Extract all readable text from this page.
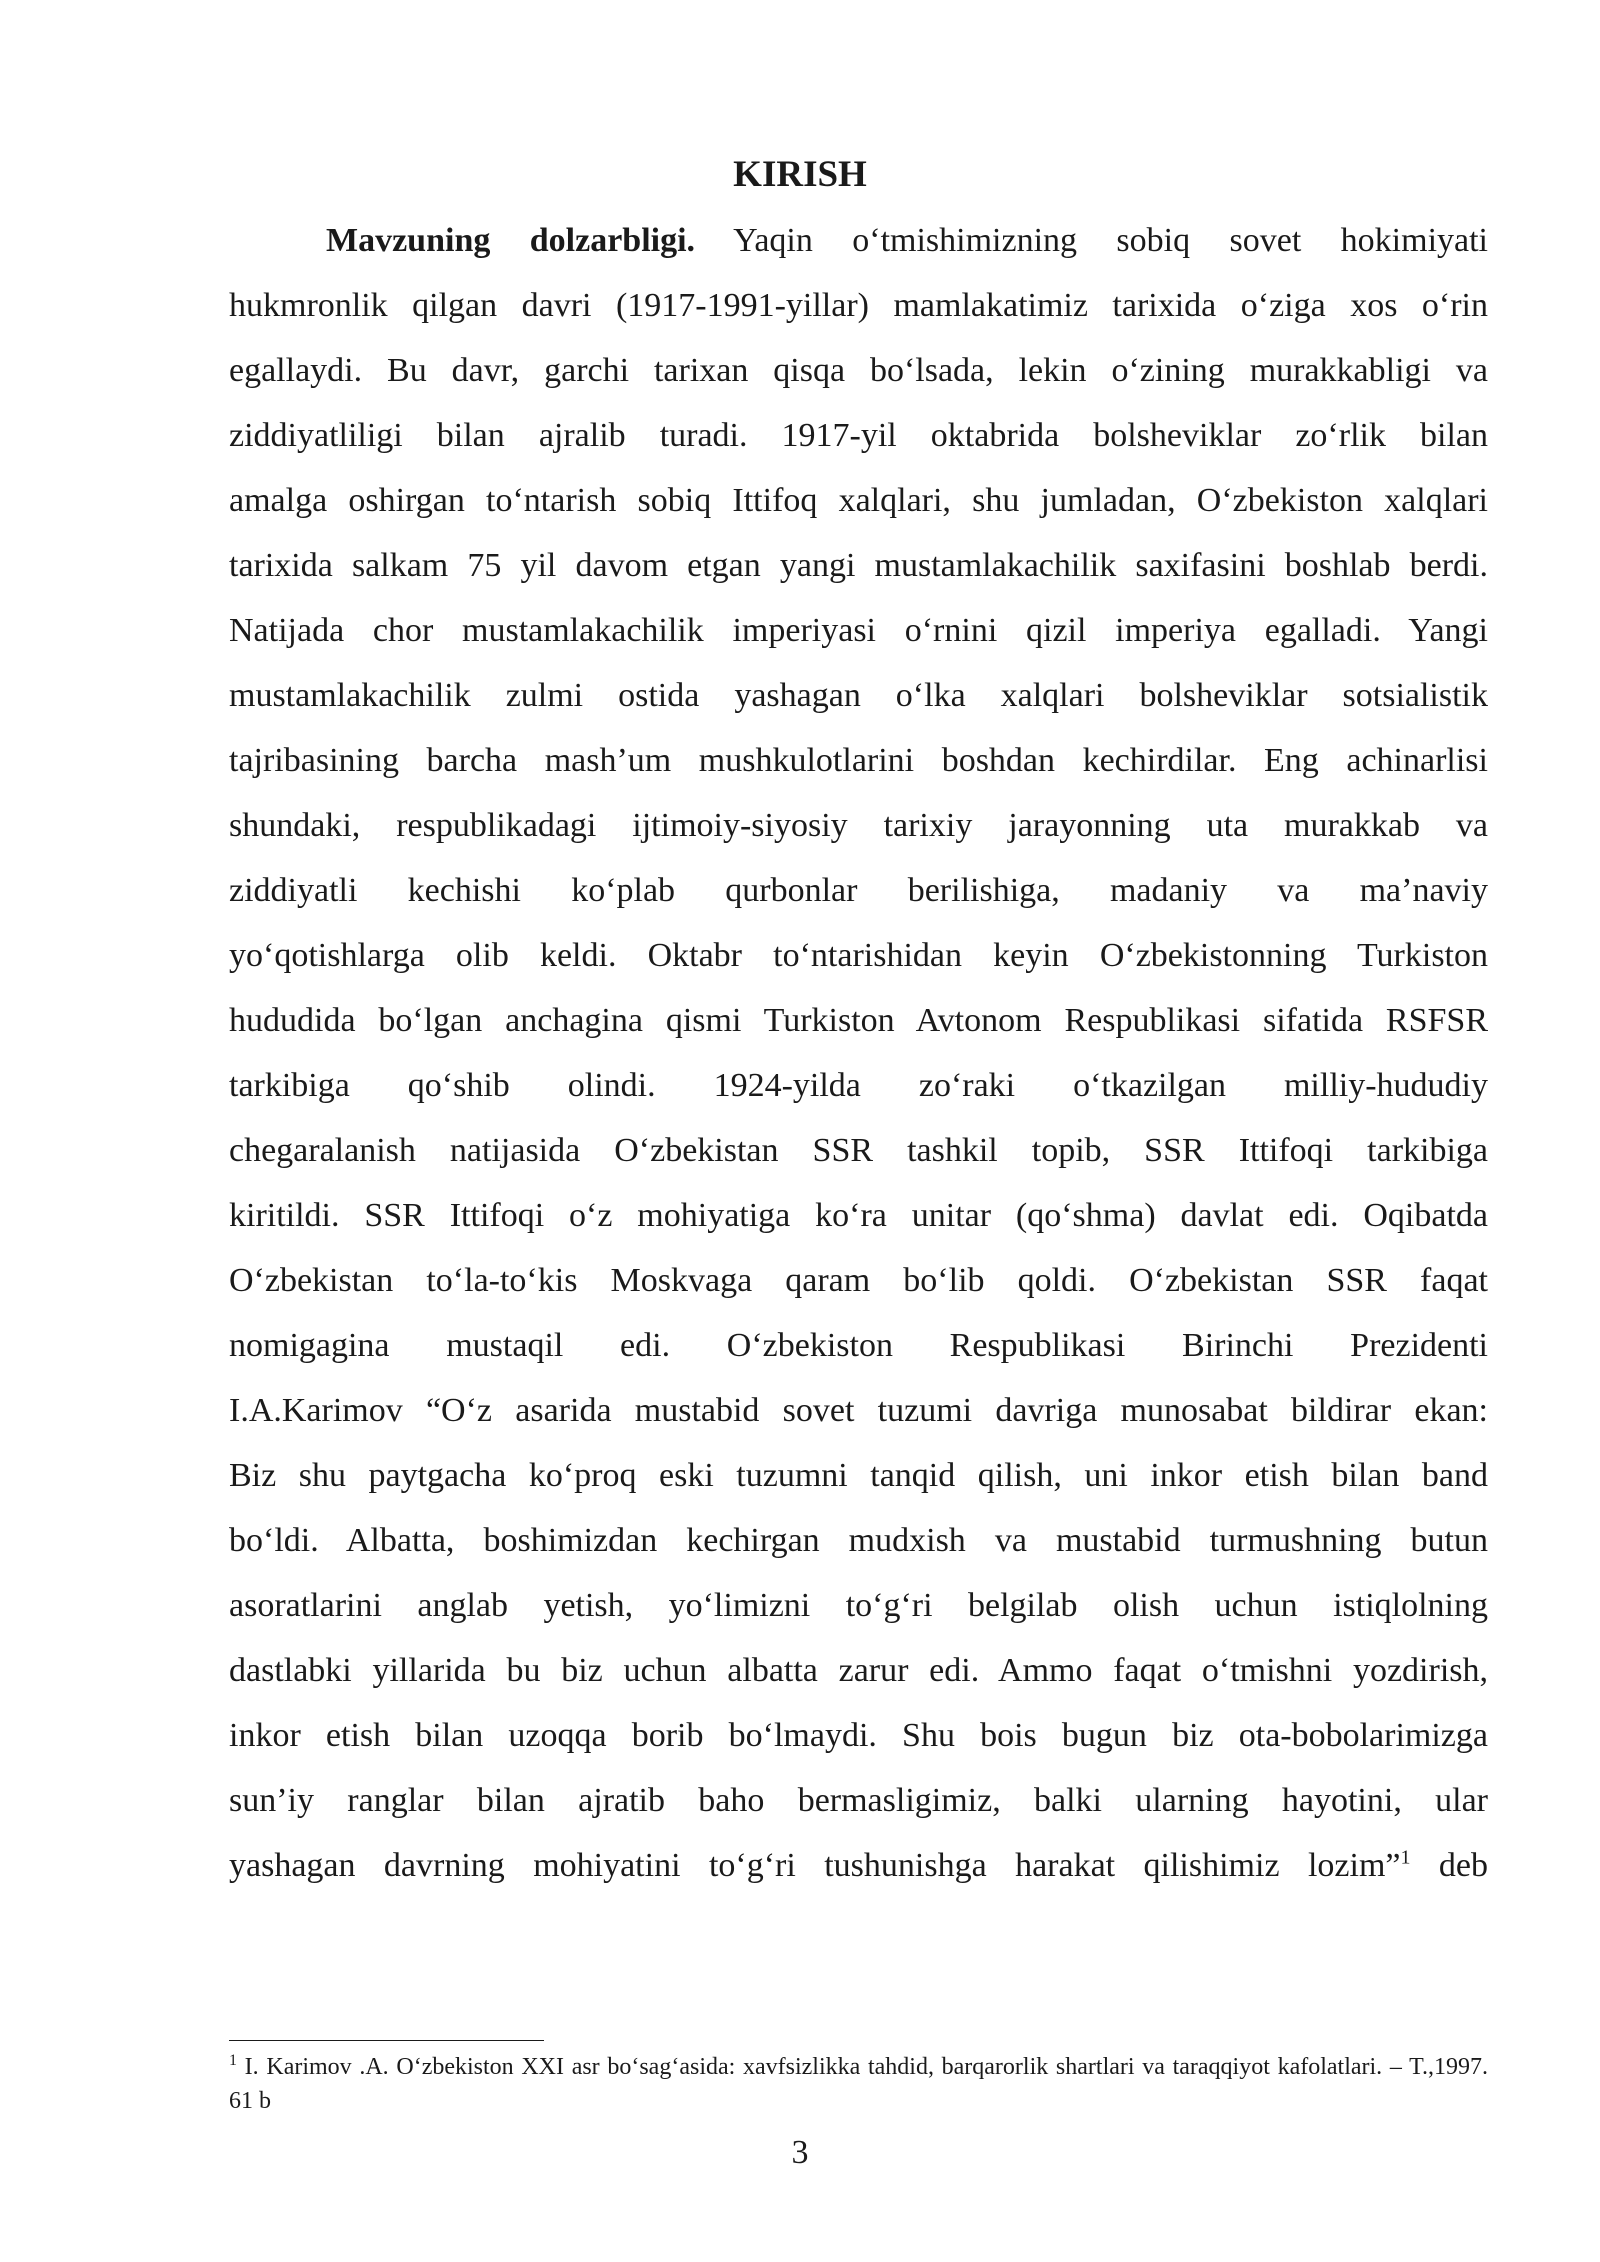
KIRISH
Mavzuning dolzarbligi. Yaqin o‘tmishimizning sobiq sovet hokimiyati
hukmronlik qilgan davri (1917-1991-yillar) mamlakatimiz tarixida o‘ziga xos o‘rin
egallaydi. Bu davr, garchi tarixan qisqa bo‘lsada, lekin o‘zining murakkabligi va
ziddiyatliligi bilan ajralib turadi. 1917-yil oktabrida bolsheviklar zo‘rlik bilan
amalga oshirgan to‘ntarish sobiq Ittifoq xalqlari, shu jumladan, O‘zbekiston xalqlari
tarixida salkam 75 yil davom etgan yangi mustamlakachilik saxifasini boshlab berdi.
Natijada chor mustamlakachilik imperiyasi o‘rnini qizil imperiya egalladi. Yangi
mustamlakachilik zulmi ostida yashagan o‘lka xalqlari bolsheviklar sotsialistik
tajribasining barcha mash’um mushkulotlarini boshdan kechirdilar. Eng achinarlisi
shundaki, respublikadagi ijtimoiy-siyosiy tarixiy jarayonning uta murakkab va
ziddiyatli kechishi ko‘plab qurbonlar berilishiga, madaniy va ma’naviy
yo‘qotishlarga olib keldi. Oktabr to‘ntarishidan keyin O‘zbekistonning Turkiston
hududida bo‘lgan anchagina qismi Turkiston Avtonom Respublikasi sifatida RSFSR
tarkibiga qo‘shib olindi. 1924-yilda zo‘raki o‘tkazilgan milliy-hududiy
chegaralanish natijasida O‘zbekistan SSR tashkil topib, SSR Ittifoqi tarkibiga
kiritildi. SSR Ittifoqi o‘z mohiyatiga ko‘ra unitar (qo‘shma) davlat edi. Oqibatda
O‘zbekistan to‘la-to‘kis Moskvaga qaram bo‘lib qoldi. O‘zbekistan SSR faqat
nomigagina mustaqil edi. O‘zbekiston Respublikasi Birinchi Prezidenti
I.A.Karimov “O‘z asarida mustabid sovet tuzumi davriga munosabat bildirar ekan:
Biz shu paytgacha ko‘proq eski tuzumni tanqid qilish, uni inkor etish bilan band
bo‘ldi. Albatta, boshimizdan kechirgan mudxish va mustabid turmushning butun
asoratlarini anglab yetish, yo‘limizni to‘g‘ri belgilab olish uchun istiqlolning
dastlabki yillarida bu biz uchun albatta zarur edi. Ammo faqat o‘tmishni yozdirish,
inkor etish bilan uzoqqa borib bo‘lmaydi. Shu bois bugun biz ota-bobolarimizga
sun’iy ranglar bilan ajratib baho bermasligimiz, balki ularning hayotini, ular
yashagan davrning mohiyatini to‘g‘ri tushunishga harakat qilishimiz lozim”$^1$ deb
$^1$ I. Karimov .A. O‘zbekiston XXI asr bo‘sag‘asida: xavfsizlikka tahdid, barqarorlik shartlari va taraqqiyot kafolatlari. – T.,1997. 61 b
3
